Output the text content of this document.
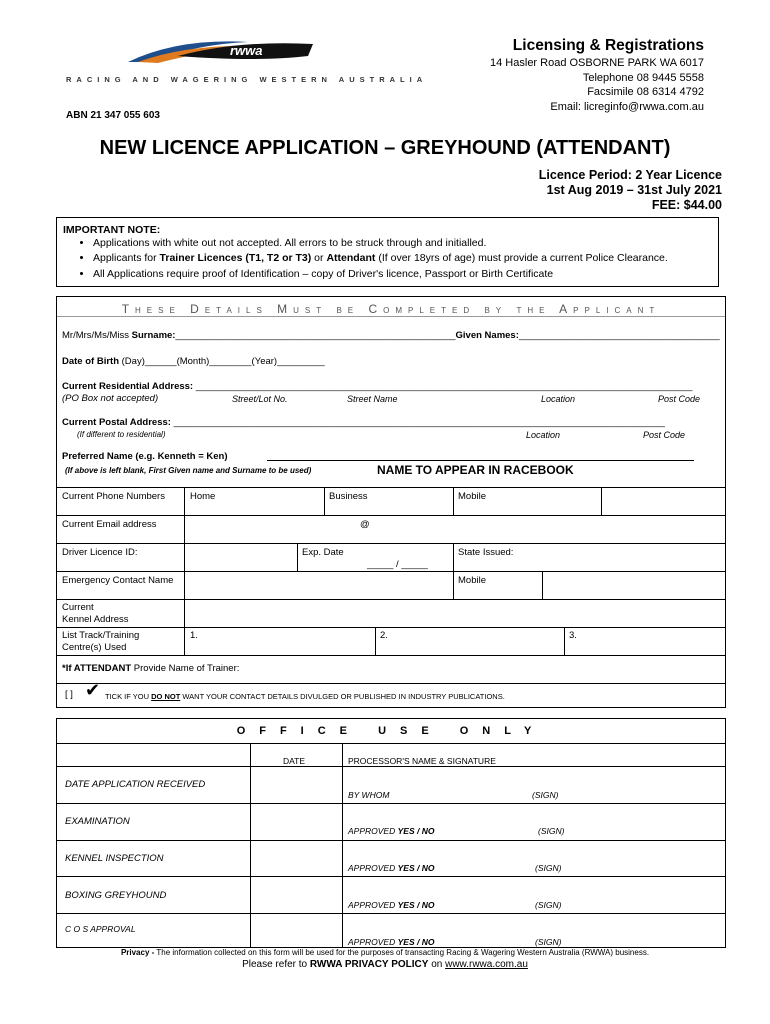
rwwa
RACING AND WAGERING WESTERN AUSTRALIA
ABN 21 347 055 603
Licensing & Registrations
14 Hasler Road OSBORNE PARK WA 6017
Telephone 08 9445 5558
Facsimile 08 6314 4792
Email: licreginfo@rwwa.com.au
NEW LICENCE APPLICATION – GREYHOUND (ATTENDANT)
Licence Period: 2 Year Licence
1st Aug 2019 – 31st July 2021
FEE: $44.00
IMPORTANT NOTE:
• Applications with white out not accepted. All errors to be struck through and initialled.
• Applicants for Trainer Licences (T1, T2 or T3) or Attendant (If over 18yrs of age) must provide a current Police Clearance.
• All Applications require proof of Identification – copy of Driver's licence, Passport or Birth Certificate
These Details Must be Completed by the Applicant
Mr/Mrs/Ms/Miss Surname:_____________________________________________________Given Names:______________________________________
Date of Birth (Day)______(Month)________(Year)_________
Current Residential Address: ______________________________________________________________________________________________
(PO Box not accepted)	Street/Lot No.	Street Name	Location	Post Code
Current Postal Address: _____________________________________________________________________________________________
(If different to residential)	Location	Post Code
Preferred Name (e.g. Kenneth = Ken)
(If above is left blank, First Given name and Surname to be used)	NAME TO APPEAR IN RACEBOOK
Current Phone Numbers	Home	Business	Mobile
Current Email address	@
Driver Licence ID:	Exp. Date
_____ / _____
State Issued:
Emergency Contact Name	Mobile
Current
Kennel Address
List Track/Training
Centre(s) Used
1.	2.	3.
*If ATTENDANT Provide Name of Trainer:
[ ] ✔ TICK IF YOU DO NOT WANT YOUR CONTACT DETAILS DIVULGED OR PUBLISHED IN INDUSTRY PUBLICATIONS.
OFFICE USE ONLY
DATE	PROCESSOR'S NAME & SIGNATURE
DATE APPLICATION RECEIVED
BY WHOM	(SIGN)
EXAMINATION
APPROVED YES / NO	(SIGN)
KENNEL INSPECTION
APPROVED YES / NO	(SIGN)
BOXING GREYHOUND
APPROVED YES / NO	(SIGN)
C O S APPROVAL
APPROVED YES / NO	(SIGN)
Privacy - The information collected on this form will be used for the purposes of transacting Racing & Wagering Western Australia (RWWA) business.
Please refer to RWWA PRIVACY POLICY on www.rwwa.com.au
